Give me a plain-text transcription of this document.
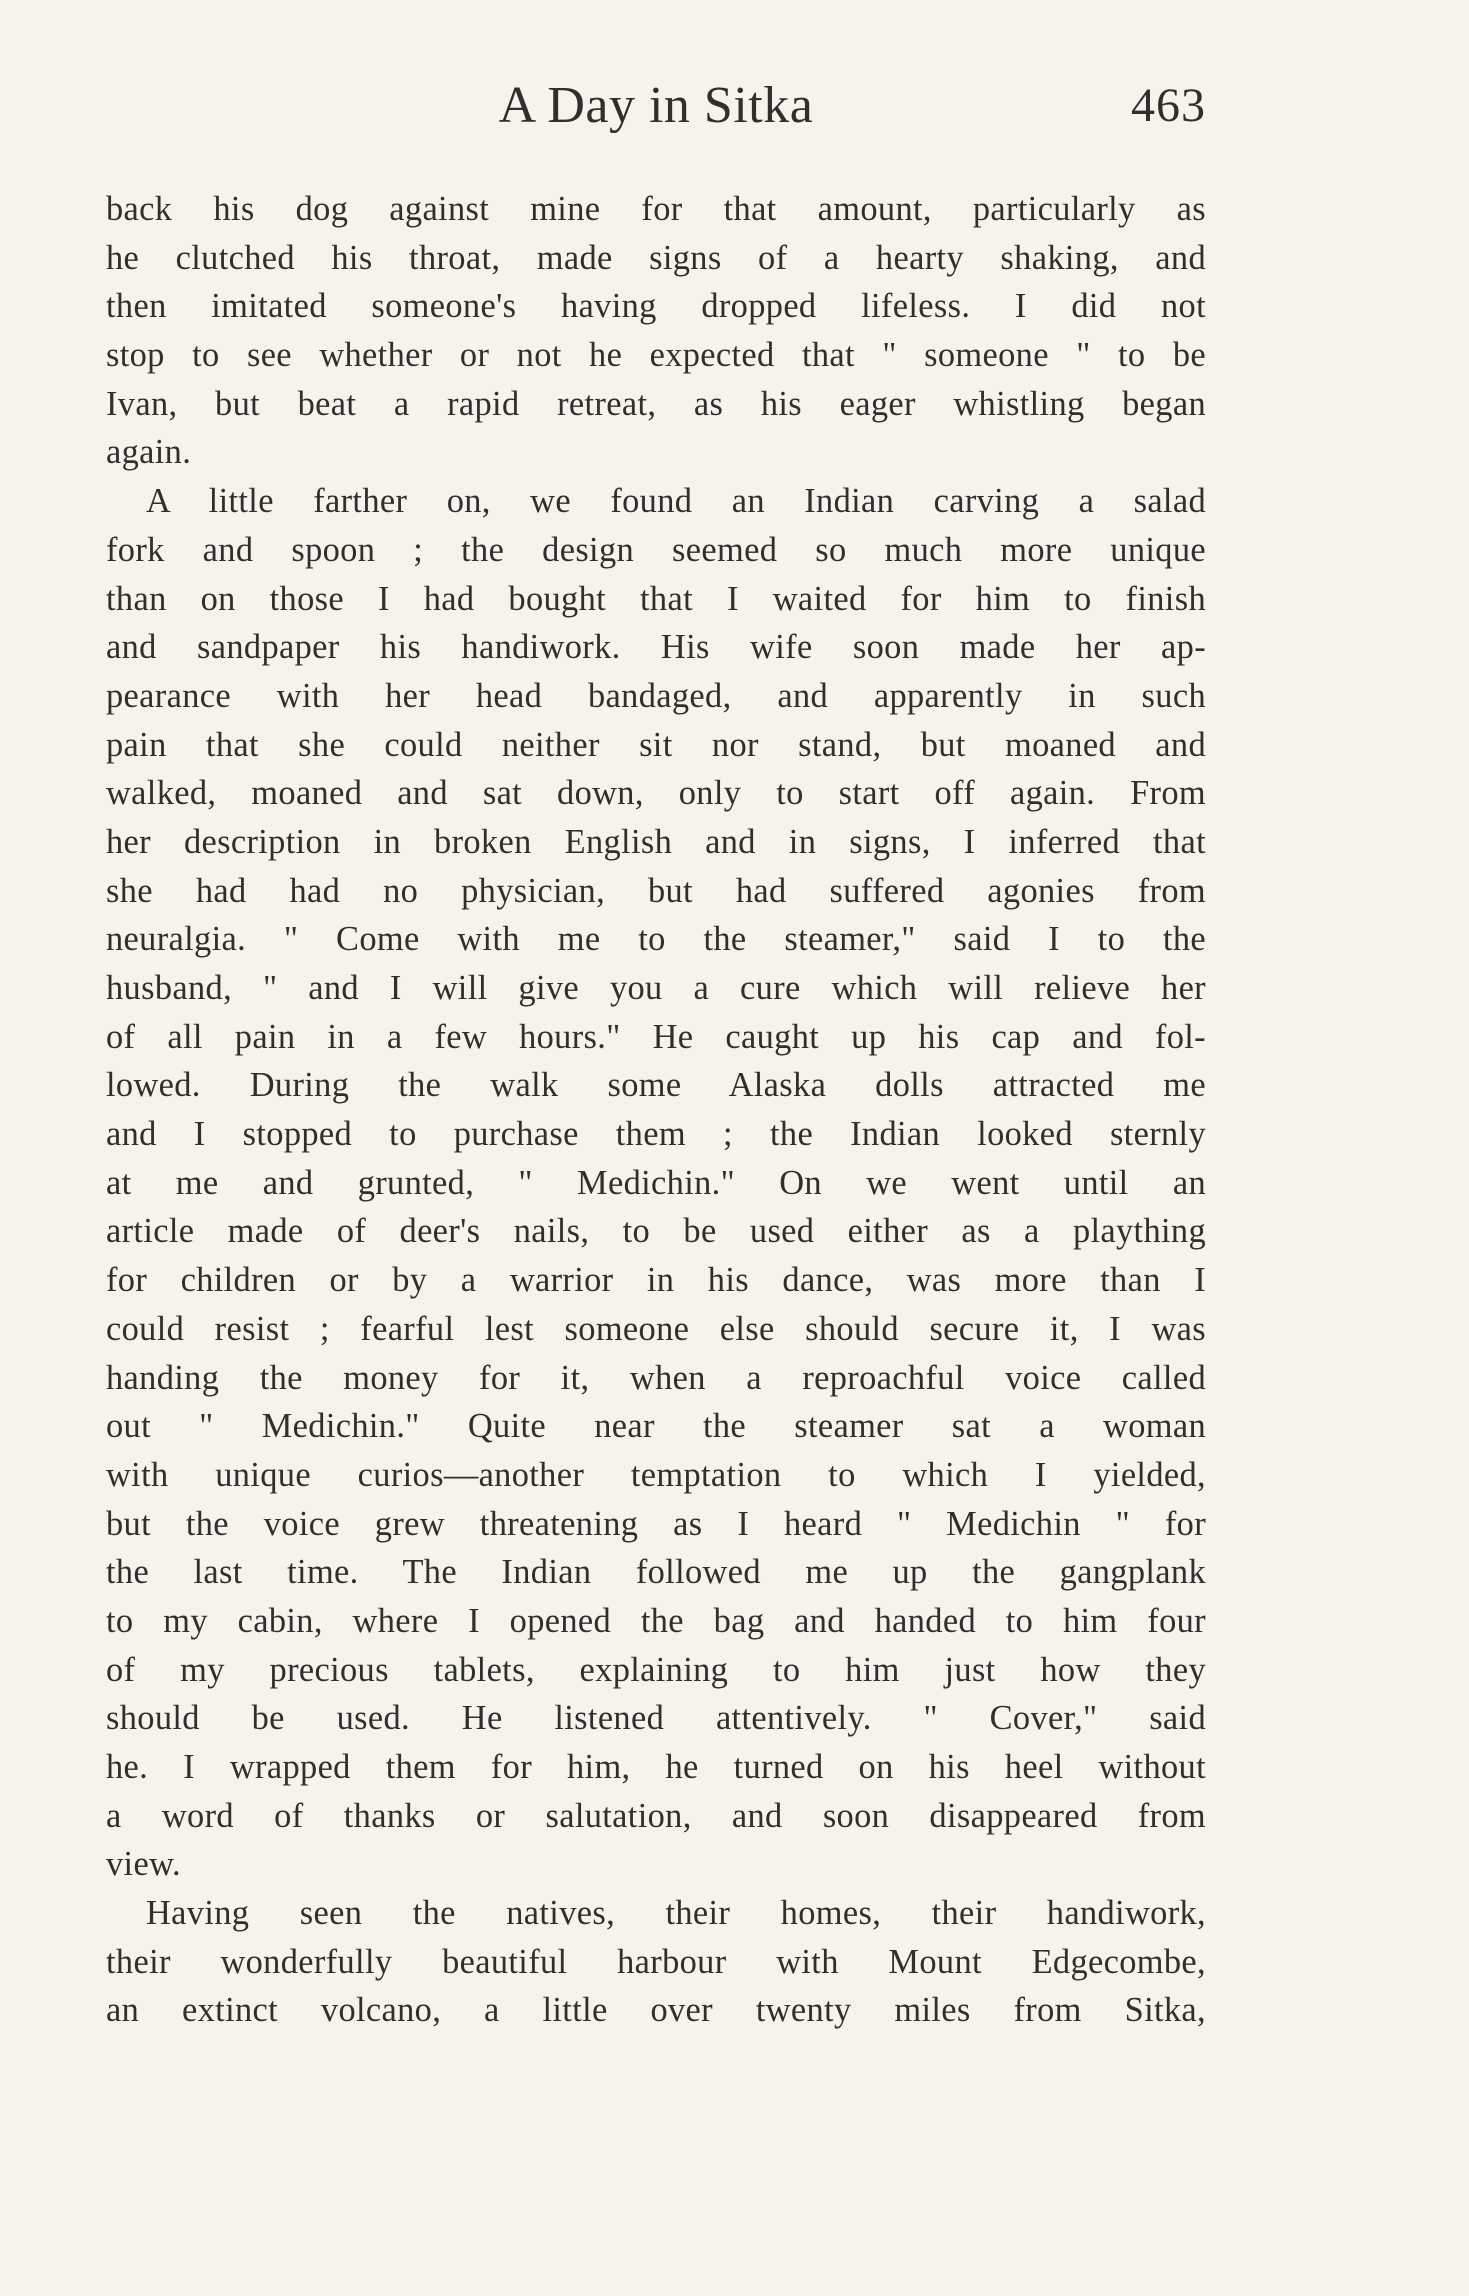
A Day in Sitka	463
back his dog against mine for that amount, particularly as
he clutched his throat, made signs of a hearty shaking, and
then imitated someone's having dropped lifeless. I did not
stop to see whether or not he expected that " someone " to be
Ivan, but beat a rapid retreat, as his eager whistling began
again.
A little farther on, we found an Indian carving a salad
fork and spoon ; the design seemed so much more unique
than on those I had bought that I waited for him to finish
and sandpaper his handiwork. His wife soon made her ap-
pearance with her head bandaged, and apparently in such
pain that she could neither sit nor stand, but moaned and
walked, moaned and sat down, only to start off again. From
her description in broken English and in signs, I inferred that
she had had no physician, but had suffered agonies from
neuralgia. " Come with me to the steamer," said I to the
husband, " and I will give you a cure which will relieve her
of all pain in a few hours." He caught up his cap and fol-
lowed. During the walk some Alaska dolls attracted me
and I stopped to purchase them ; the Indian looked sternly
at me and grunted, " Medichin." On we went until an
article made of deer's nails, to be used either as a plaything
for children or by a warrior in his dance, was more than I
could resist ; fearful lest someone else should secure it, I was
handing the money for it, when a reproachful voice called
out " Medichin." Quite near the steamer sat a woman
with unique curios—another temptation to which I yielded,
but the voice grew threatening as I heard " Medichin " for
the last time. The Indian followed me up the gangplank
to my cabin, where I opened the bag and handed to him four
of my precious tablets, explaining to him just how they
should be used. He listened attentively. " Cover," said
he. I wrapped them for him, he turned on his heel without
a word of thanks or salutation, and soon disappeared from
view.
Having seen the natives, their homes, their handiwork,
their wonderfully beautiful harbour with Mount Edgecombe,
an extinct volcano, a little over twenty miles from Sitka,
